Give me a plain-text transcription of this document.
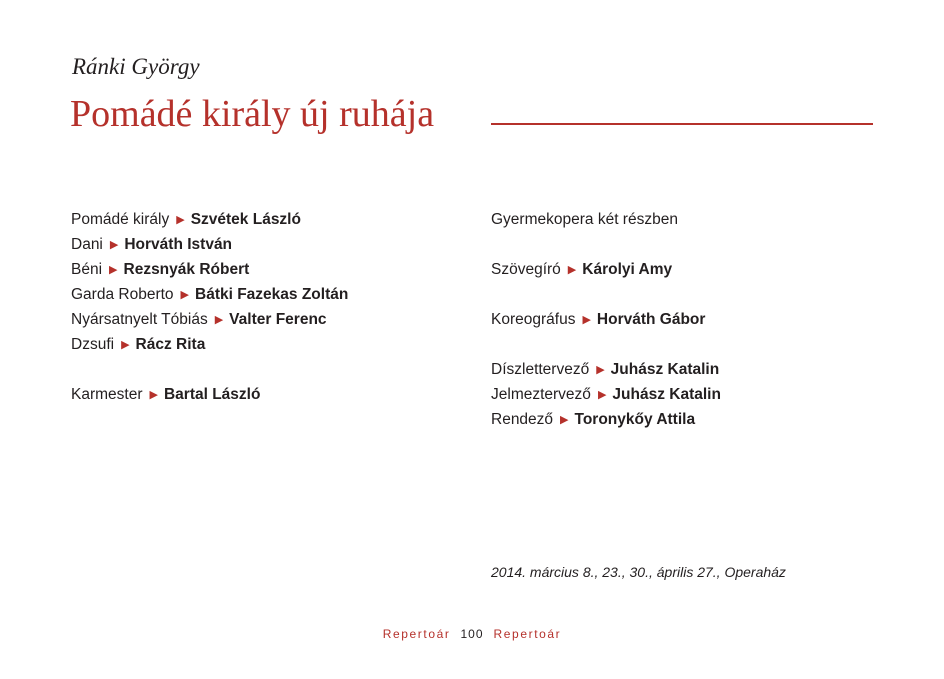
Ránki György
Pomádé király új ruhája
Pomádé király ▶ Szvétek László
Dani ▶ Horváth István
Béni ▶ Rezsnyák Róbert
Garda Roberto ▶ Bátki Fazekas Zoltán
Nyársatnyelt Tóbiás ▶ Valter Ferenc
Dzsufi ▶ Rácz Rita
Karmester ▶ Bartal László
Gyermekopera két részben
Szövegíró ▶ Károlyi Amy
Koreográfus ▶ Horváth Gábor
Díszlettervező ▶ Juhász Katalin
Jelmeztervező ▶ Juhász Katalin
Rendező ▶ Toronykőy Attila
2014. március 8., 23., 30., április 27., Operaház
Repertoár 100 Repertoár
